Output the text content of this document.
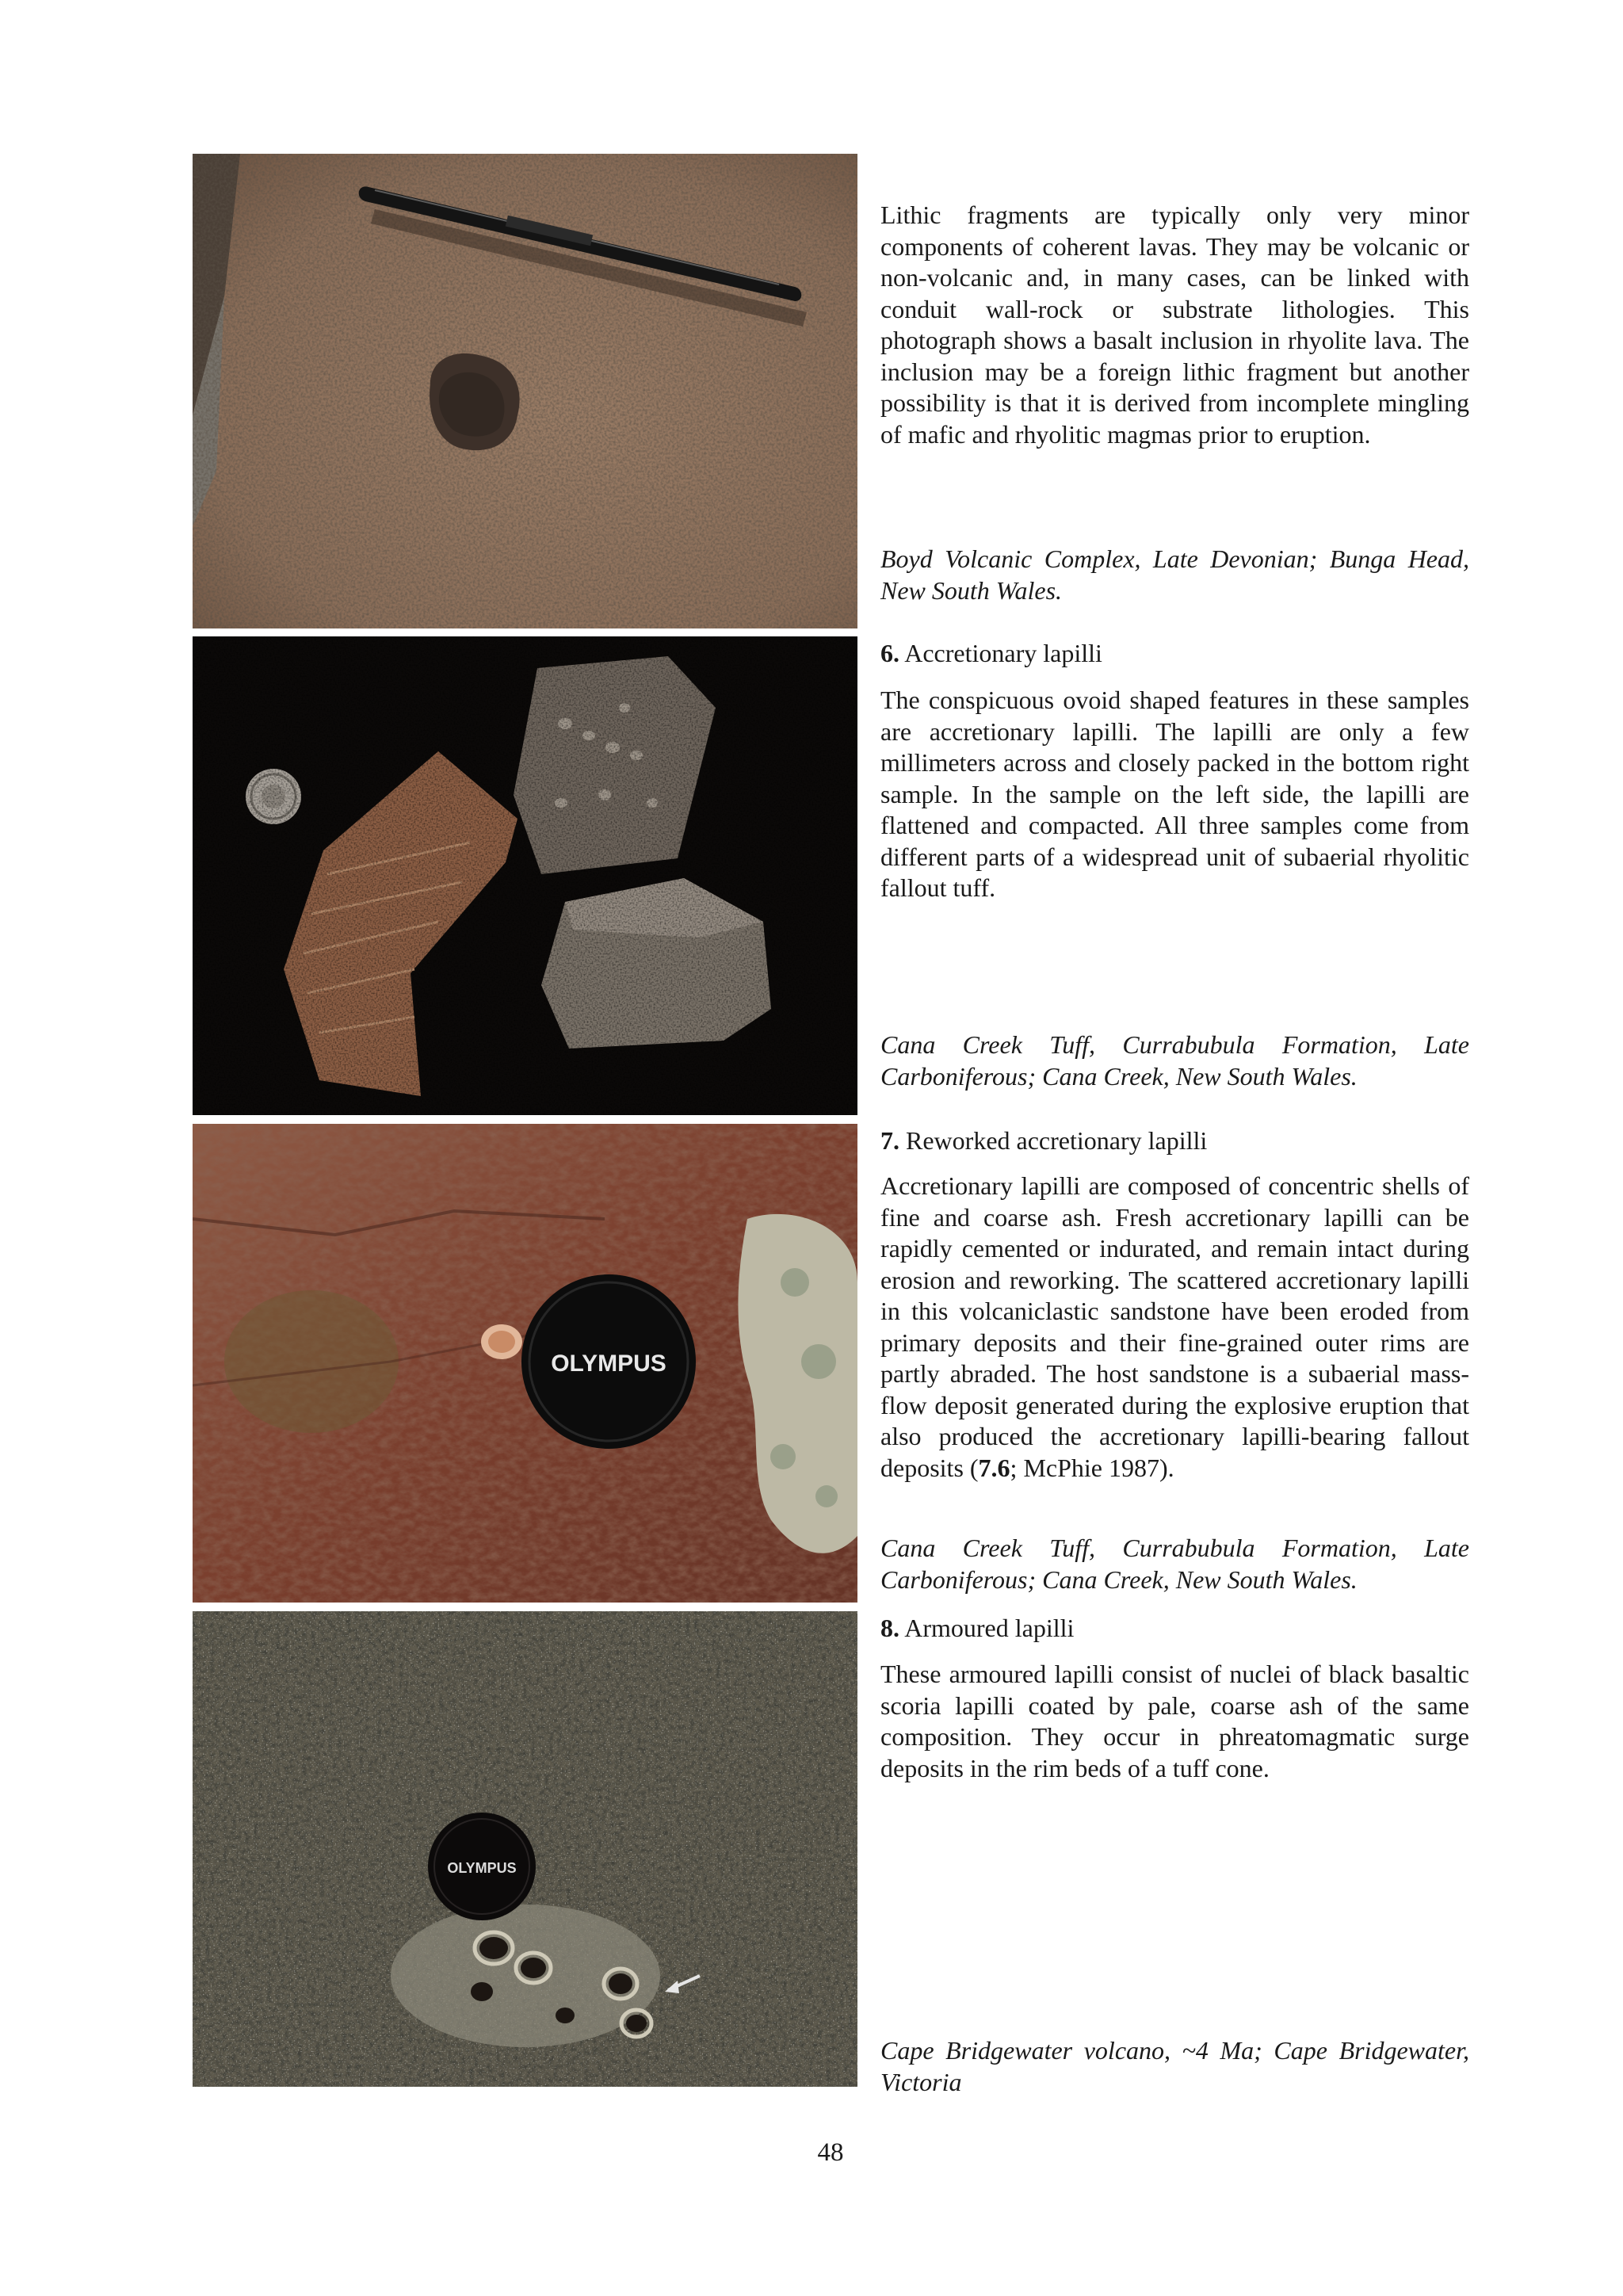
Lithic fragments are typically only very minor components of coherent lavas. They may be volcanic or non-volcanic and, in many cases, can be linked with conduit wall-rock or substrate lithologies. This photograph shows a basalt inclusion in rhyolite lava. The inclusion may be a foreign lithic fragment but another possibility is that it is derived from incomplete mingling of mafic and rhyolitic magmas prior to eruption.

Boyd Volcanic Complex, Late Devonian; Bunga Head, New South Wales.

6. Accretionary lapilli

The conspicuous ovoid shaped features in these samples are accretionary lapilli. The lapilli are only a few millimeters across and closely packed in the bottom right sample. In the sample on the left side, the lapilli are flattened and compacted. All three samples come from different parts of a widespread unit of subaerial rhyolitic fallout tuff.

Cana Creek Tuff, Currabubula Formation, Late Carboniferous; Cana Creek, New South Wales.

OLYMPUS
7. Reworked accretionary lapilli

Accretionary lapilli are composed of concentric shells of fine and coarse ash. Fresh accretionary lapilli can be rapidly cemented or indurated, and remain intact during erosion and reworking. The scattered accretionary lapilli in this volcaniclastic sandstone have been eroded from primary deposits and their fine-grained outer rims are partly abraded. The host sandstone is a subaerial mass-flow deposit generated during the explosive eruption that also produced the accretionary lapilli-bearing fallout deposits (7.6; McPhie 1987).

Cana Creek Tuff, Currabubula Formation, Late Carboniferous; Cana Creek, New South Wales.

OLYMPUS
8. Armoured lapilli

These armoured lapilli consist of nuclei of black basaltic scoria lapilli coated by pale, coarse ash of the same composition. They occur in phreatomagmatic surge deposits in the rim beds of a tuff cone.

Cape Bridgewater volcano, ~4 Ma; Cape Bridgewater, Victoria

48
